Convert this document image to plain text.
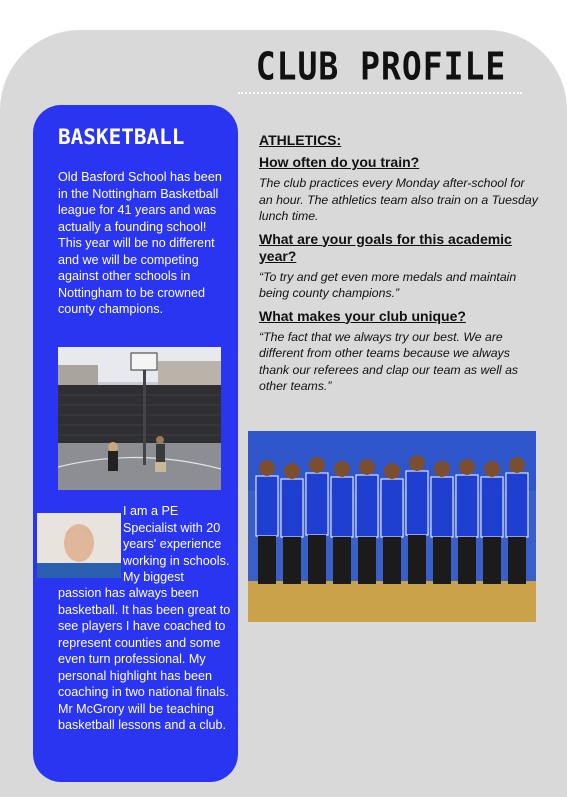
CLUB PROFILE
BASKETBALL
Old Basford School has been in the Nottingham Basketball league for 41 years and was actually a founding school! This year will be no different and we will be competing against other schools in Nottingham to be crowned county champions.
I am a PE Specialist with 20 years' experience working in schools. My biggest
passion has always been basketball. It has been great to see players I have coached to represent counties and some even turn professional. My personal highlight has been coaching in two national finals. Mr McGrory will be teaching basketball lessons and a club.

ATHLETICS:

How often do you train?

The club practices every Monday after-school for an hour. The athletics team also train on a Tuesday lunch time.

What are your goals for this academic year?

“To try and get even more medals and maintain being county champions.”

What makes your club unique?

“The fact that we always try our best. We are different from other teams because we always thank our referees and clap our team as well as other teams.”
